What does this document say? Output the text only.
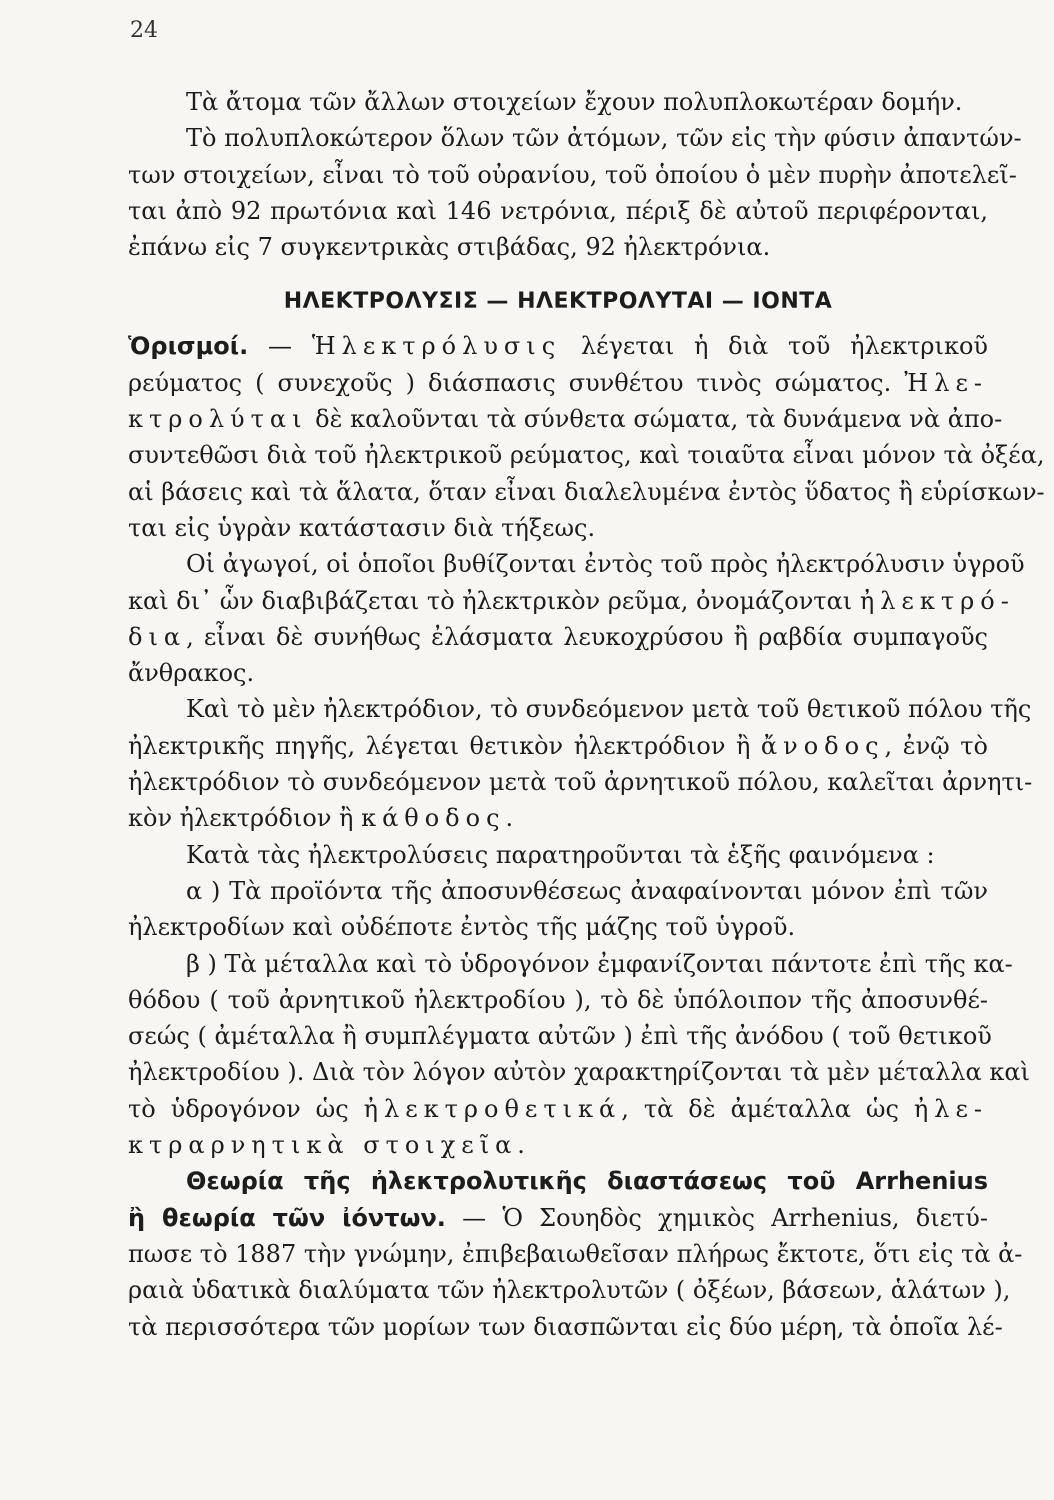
24
Τὰ ἄτομα τῶν ἄλλων στοιχείων ἔχουν πολυπλοκωτέραν δομήν.
Τὸ πολυπλοκώτερον ὅλων τῶν ἀτόμων, τῶν εἰς τὴν φύσιν ἀπαντών-
των στοιχείων, εἶναι τὸ τοῦ οὐρανίου, τοῦ ὁποίου ὁ μὲν πυρὴν ἀποτελεῖ-
ται ἀπὸ 92 πρωτόνια καὶ 146 νετρόνια, πέριξ δὲ αὐτοῦ περιφέρονται,
ἐπάνω εἰς 7 συγκεντρικὰς στιβάδας, 92 ἠλεκτρόνια.
ΗΛΕΚΤΡΟΛΥΣΙΣ — ΗΛΕΚΤΡΟΛΥΤΑΙ — ΙΟΝΤΑ
Ὁρισμοί. — Ἡλεκτρόλυσις λέγεται ἡ διὰ τοῦ ἠλεκτρικοῦ
ρεύματος ( συνεχοῦς ) διάσπασις συνθέτου τινὸς σώματος. Ἠλε-
κτρολύται δὲ καλοῦνται τὰ σύνθετα σώματα, τὰ δυνάμενα νὰ ἀπο-
συντεθῶσι διὰ τοῦ ἠλεκτρικοῦ ρεύματος, καὶ τοιαῦτα εἶναι μόνον τὰ ὀξέα,
αἱ βάσεις καὶ τὰ ἅλατα, ὅταν εἶναι διαλελυμένα ἐντὸς ὕδατος ἢ εὑρίσκων-
ται εἰς ὑγρὰν κατάστασιν διὰ τήξεως.
Οἱ ἀγωγοί, οἱ ὁποῖοι βυθίζονται ἐντὸς τοῦ πρὸς ἠλεκτρόλυσιν ὑγροῦ
καὶ δι᾽ ὧν διαβιβάζεται τὸ ἠλεκτρικὸν ρεῦμα, ὀνομάζονται ἠλεκτρό-
δια, εἶναι δὲ συνήθως ἐλάσματα λευκοχρύσου ἢ ραβδία συμπαγοῦς
ἄνθρακος.
Καὶ τὸ μὲν ἠλεκτρόδιον, τὸ συνδεόμενον μετὰ τοῦ θετικοῦ πόλου τῆς
ἠλεκτρικῆς πηγῆς, λέγεται θετικὸν ἠλεκτρόδιον ἢ ἄνοδος, ἐνῷ τὸ
ἠλεκτρόδιον τὸ συνδεόμενον μετὰ τοῦ ἀρνητικοῦ πόλου, καλεῖται ἀρνητι-
κὸν ἠλεκτρόδιον ἢ κάθοδος.
Κατὰ τὰς ἠλεκτρολύσεις παρατηροῦνται τὰ ἑξῆς φαινόμενα :
α ) Τὰ προϊόντα τῆς ἀποσυνθέσεως ἀναφαίνονται μόνον ἐπὶ τῶν
ἠλεκτροδίων καὶ οὐδέποτε ἐντὸς τῆς μάζης τοῦ ὑγροῦ.
β ) Τὰ μέταλλα καὶ τὸ ὑδρογόνον ἐμφανίζονται πάντοτε ἐπὶ τῆς κα-
θόδου ( τοῦ ἀρνητικοῦ ἠλεκτροδίου ), τὸ δὲ ὑπόλοιπον τῆς ἀποσυνθέ-
σεώς ( ἀμέταλλα ἢ συμπλέγματα αὐτῶν ) ἐπὶ τῆς ἀνόδου ( τοῦ θετικοῦ
ἠλεκτροδίου ). Διὰ τὸν λόγον αὐτὸν χαρακτηρίζονται τὰ μὲν μέταλλα καὶ
τὸ ὑδρογόνον ὡς ἠλεκτροθετικά, τὰ δὲ ἀμέταλλα ὡς ἠλε-
κτραρνητικὰ στοιχεῖα.
Θεωρία τῆς ἠλεκτρολυτικῆς διαστάσεως τοῦ Arrhenius
ἢ θεωρία τῶν ἰόντων. — Ὁ Σουηδὸς χημικὸς Arrhenius, διετύ-
πωσε τὸ 1887 τὴν γνώμην, ἐπιβεβαιωθεῖσαν πλήρως ἔκτοτε, ὅτι εἰς τὰ ἀ-
ραιὰ ὑδατικὰ διαλύματα τῶν ἠλεκτρολυτῶν ( ὀξέων, βάσεων, ἁλάτων ),
τὰ περισσότερα τῶν μορίων των διασπῶνται εἰς δύο μέρη, τὰ ὁποῖα λέ-
